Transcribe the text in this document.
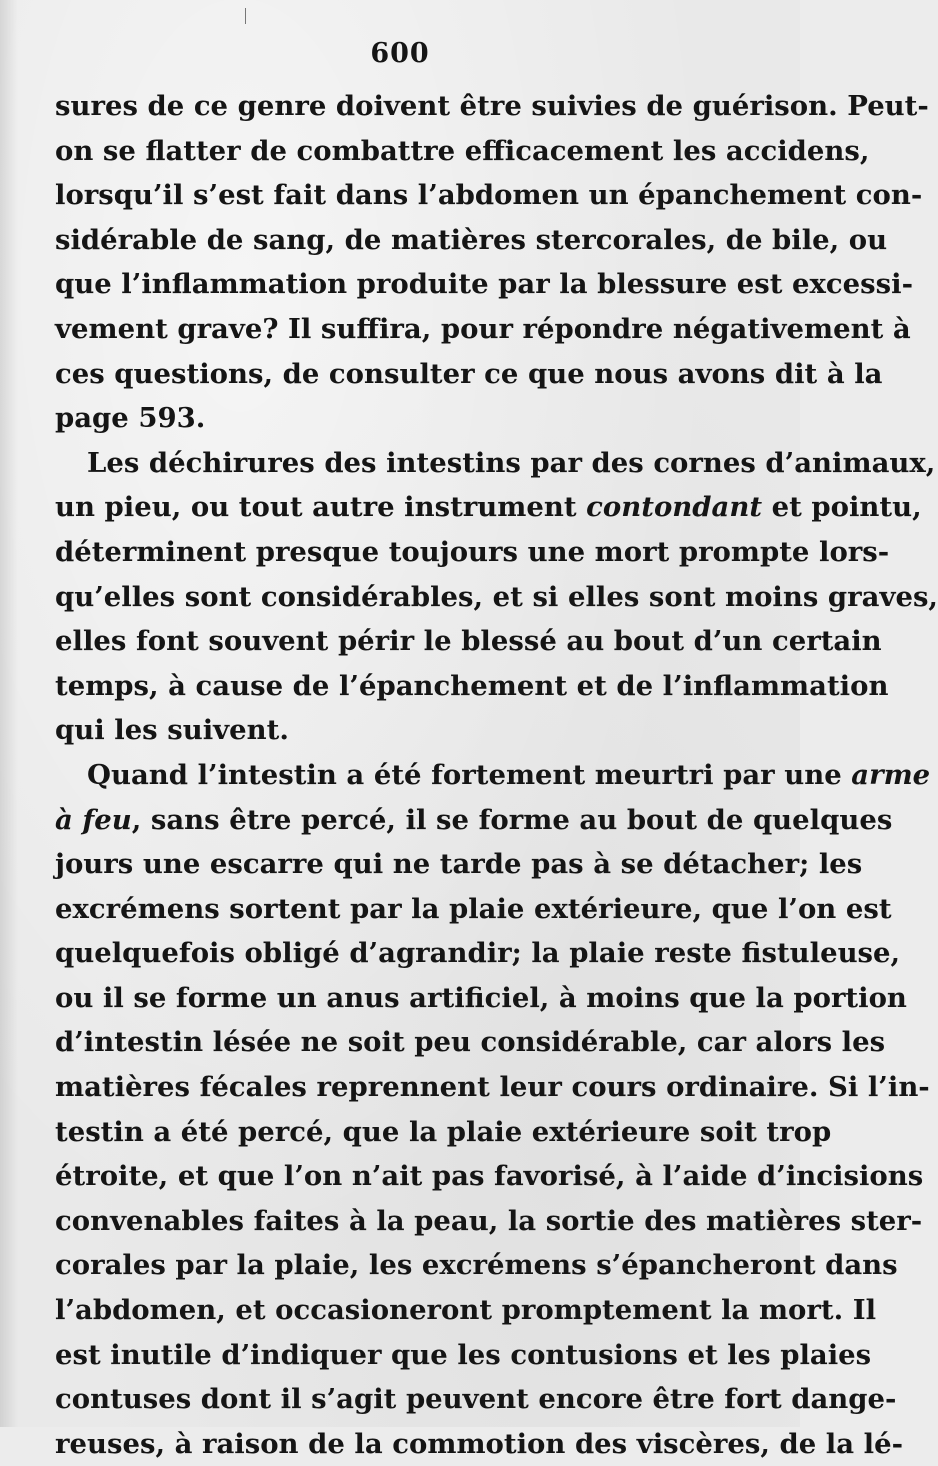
600
sures de ce genre doivent être suivies de guérison. Peut-
on se flatter de combattre efficacement les accidens,
lorsqu’il s’est fait dans l’abdomen un épanchement con-
sidérable de sang, de matières stercorales, de bile, ou
que l’inflammation produite par la blessure est excessi-
vement grave? Il suffira, pour répondre négativement à
ces questions, de consulter ce que nous avons dit à la
page 593.
Les déchirures des intestins par des cornes d’animaux,
un pieu, ou tout autre instrument contondant et pointu,
déterminent presque toujours une mort prompte lors-
qu’elles sont considérables, et si elles sont moins graves,
elles font souvent périr le blessé au bout d’un certain
temps, à cause de l’épanchement et de l’inflammation
qui les suivent.
Quand l’intestin a été fortement meurtri par une arme
à feu, sans être percé, il se forme au bout de quelques
jours une escarre qui ne tarde pas à se détacher; les
excrémens sortent par la plaie extérieure, que l’on est
quelquefois obligé d’agrandir; la plaie reste fistuleuse,
ou il se forme un anus artificiel, à moins que la portion
d’intestin lésée ne soit peu considérable, car alors les
matières fécales reprennent leur cours ordinaire. Si l’in-
testin a été percé, que la plaie extérieure soit trop
étroite, et que l’on n’ait pas favorisé, à l’aide d’incisions
convenables faites à la peau, la sortie des matières ster-
corales par la plaie, les excrémens s’épancheront dans
l’abdomen, et occasioneront promptement la mort. Il
est inutile d’indiquer que les contusions et les plaies
contuses dont il s’agit peuvent encore être fort dange-
reuses, à raison de la commotion des viscères, de la lé-
